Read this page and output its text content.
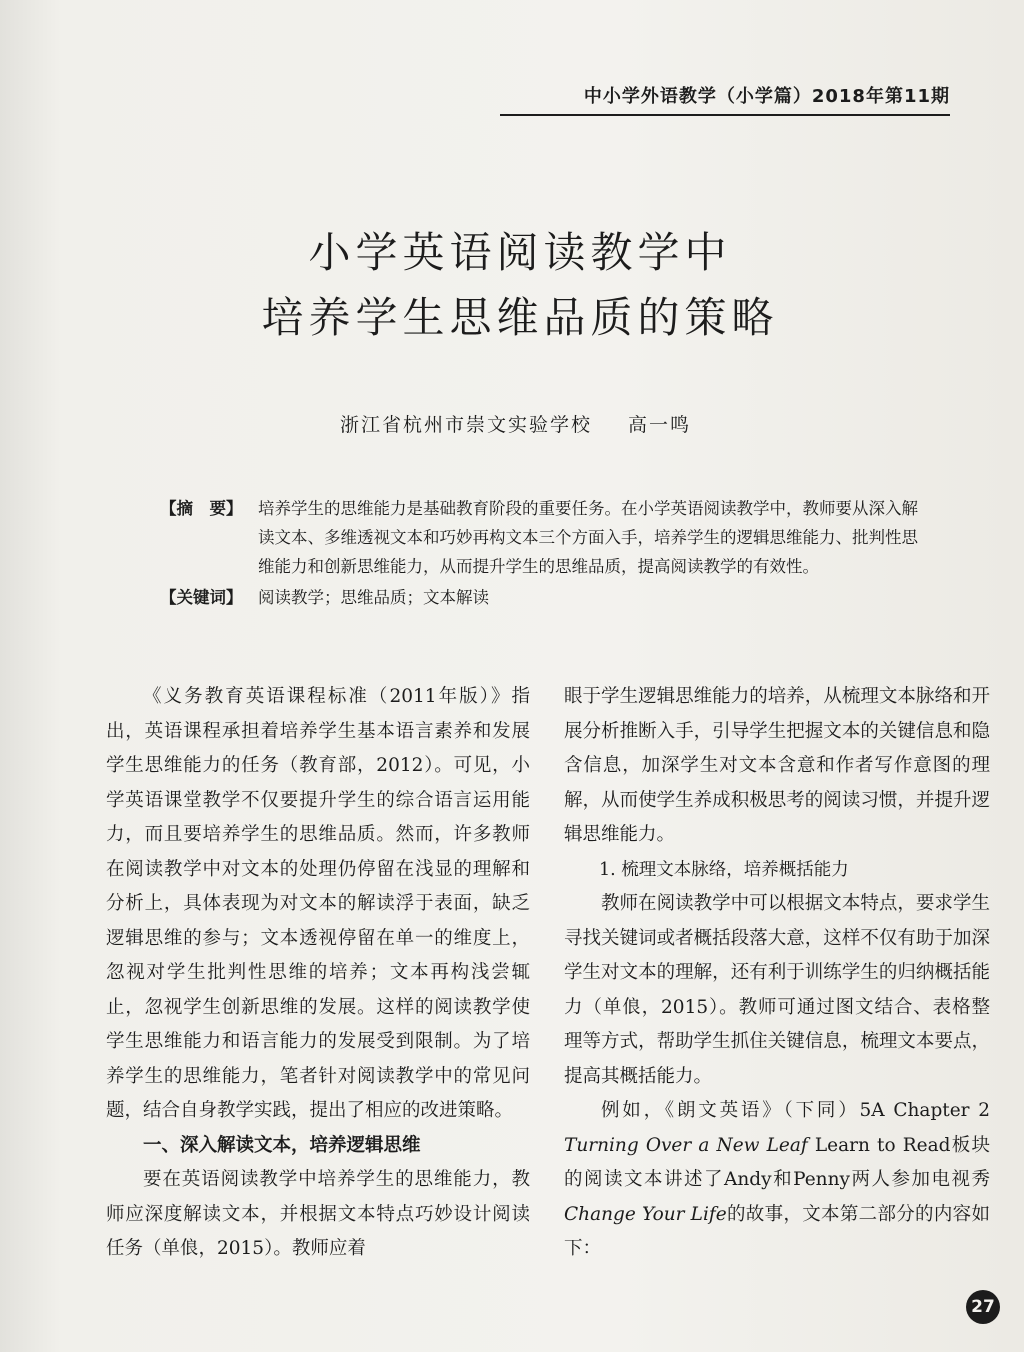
中小学外语教学（小学篇）2018年第11期
小学英语阅读教学中
培养学生思维品质的策略
浙江省杭州市崇文实验学校 高一鸣
【摘　要】 培养学生的思维能力是基础教育阶段的重要任务。在小学英语阅读教学中，教师要从深入解读文本、多维透视文本和巧妙再构文本三个方面入手，培养学生的逻辑思维能力、批判性思维能力和创新思维能力，从而提升学生的思维品质，提高阅读教学的有效性。
【关键词】 阅读教学；思维品质；文本解读

《义务教育英语课程标准（2011年版）》指出，英语课程承担着培养学生基本语言素养和发展学生思维能力的任务（教育部，2012）。可见，小学英语课堂教学不仅要提升学生的综合语言运用能力，而且要培养学生的思维品质。然而，许多教师在阅读教学中对文本的处理仍停留在浅显的理解和分析上，具体表现为对文本的解读浮于表面，缺乏逻辑思维的参与；文本透视停留在单一的维度上，忽视对学生批判性思维的培养；文本再构浅尝辄止，忽视学生创新思维的发展。这样的阅读教学使学生思维能力和语言能力的发展受到限制。为了培养学生的思维能力，笔者针对阅读教学中的常见问题，结合自身教学实践，提出了相应的改进策略。

一、深入解读文本，培养逻辑思维

要在英语阅读教学中培养学生的思维能力，教师应深度解读文本，并根据文本特点巧妙设计阅读任务（单俍，2015）。教师应着

眼于学生逻辑思维能力的培养，从梳理文本脉络和开展分析推断入手，引导学生把握文本的关键信息和隐含信息，加深学生对文本含意和作者写作意图的理解，从而使学生养成积极思考的阅读习惯，并提升逻辑思维能力。

1. 梳理文本脉络，培养概括能力

教师在阅读教学中可以根据文本特点，要求学生寻找关键词或者概括段落大意，这样不仅有助于加深学生对文本的理解，还有利于训练学生的归纳概括能力（单俍，2015）。教师可通过图文结合、表格整理等方式，帮助学生抓住关键信息，梳理文本要点，提高其概括能力。

例如，《朗文英语》（下同）5A Chapter 2 Turning Over a New Leaf Learn to Read板块的阅读文本讲述了Andy和Penny两人参加电视秀Change Your Life的故事，文本第二部分的内容如下：

27
